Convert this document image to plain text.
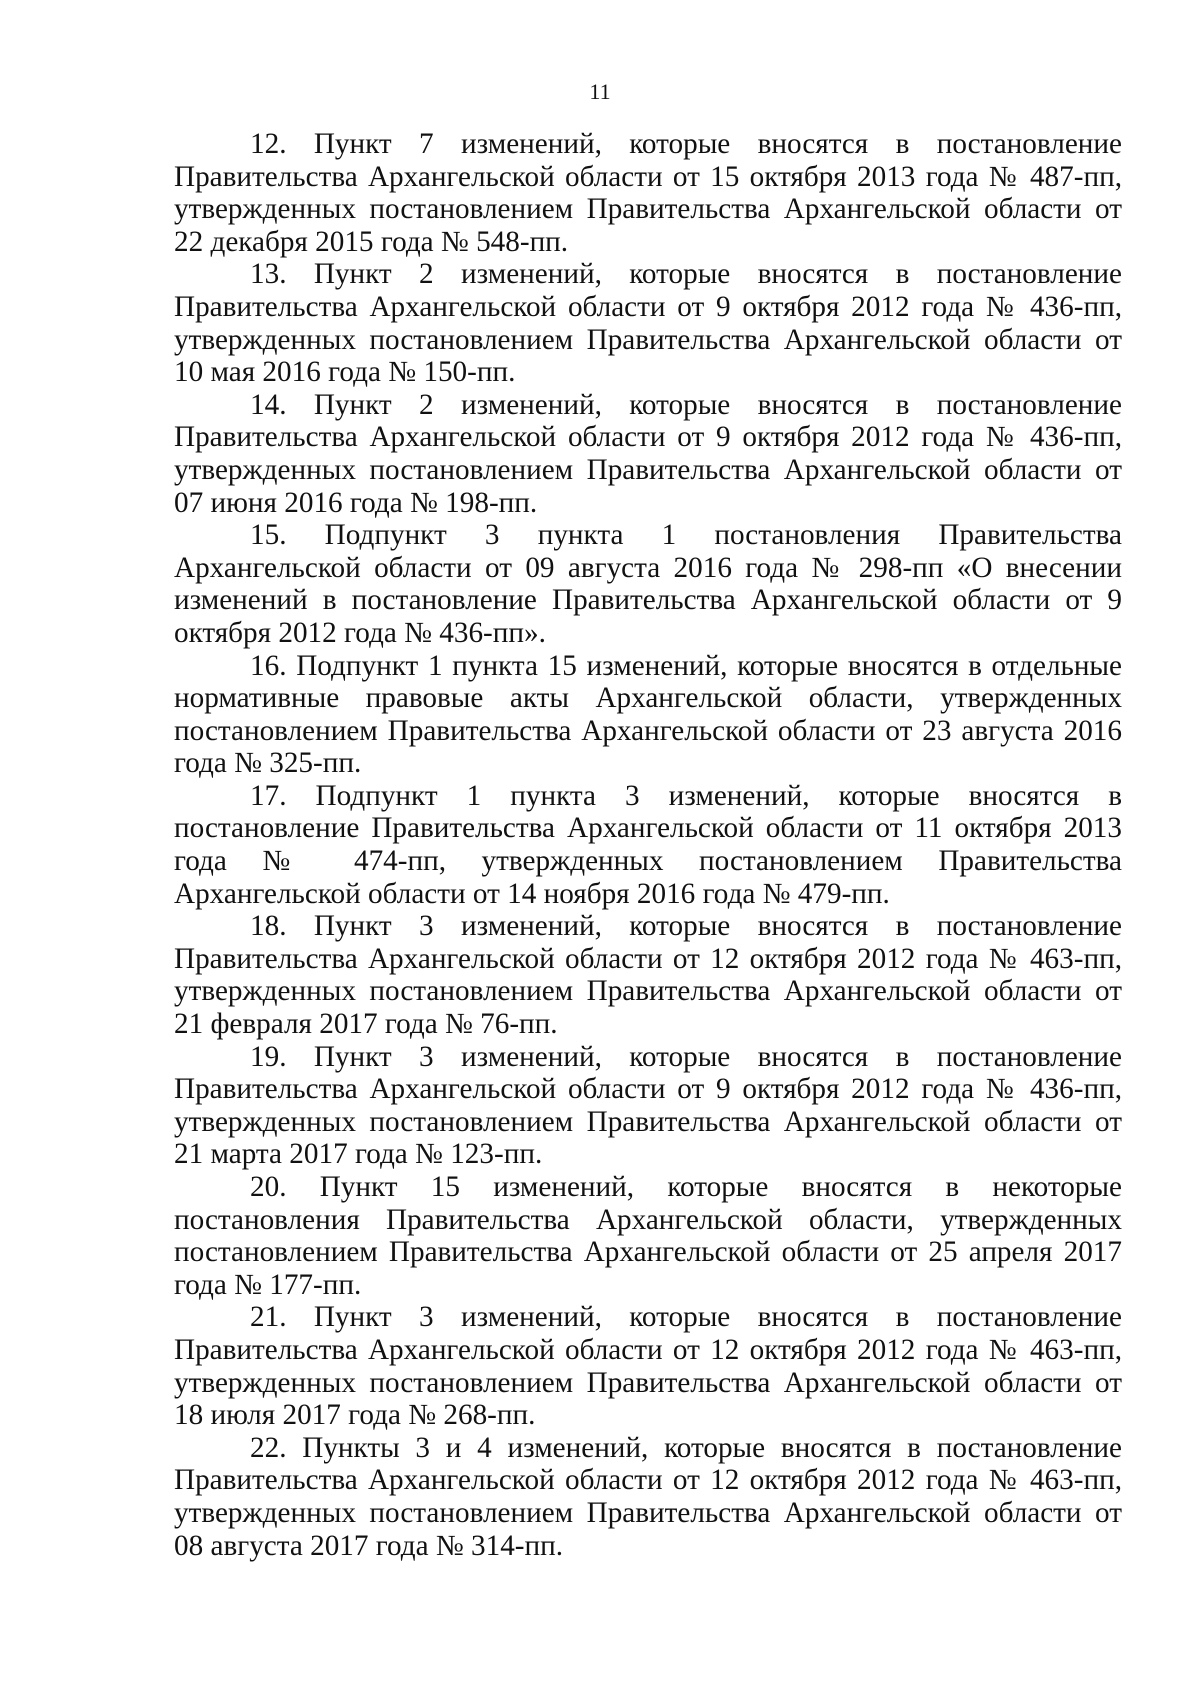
11

12. Пункт 7 изменений, которые вносятся в постановление Правительства Архангельской области от 15 октября 2013 года № 487-пп, утвержденных постановлением Правительства Архангельской области от 22 декабря 2015 года № 548-пп.

13. Пункт 2 изменений, которые вносятся в постановление Правительства Архангельской области от 9 октября 2012 года № 436-пп, утвержденных постановлением Правительства Архангельской области от 10 мая 2016 года № 150-пп.

14. Пункт 2 изменений, которые вносятся в постановление Правительства Архангельской области от 9 октября 2012 года № 436-пп, утвержденных постановлением Правительства Архангельской области от 07 июня 2016 года № 198-пп.

15. Подпункт 3 пункта 1 постановления Правительства Архангельской области от 09 августа 2016 года № 298-пп «О внесении изменений в постановление Правительства Архангельской области от 9 октября 2012 года № 436-пп».

16. Подпункт 1 пункта 15 изменений, которые вносятся в отдельные нормативные правовые акты Архангельской области, утвержденных постановлением Правительства Архангельской области от 23 августа 2016 года № 325-пп.

17. Подпункт 1 пункта 3 изменений, которые вносятся в постановление Правительства Архангельской области от 11 октября 2013 года № 474-пп, утвержденных постановлением Правительства Архангельской области от 14 ноября 2016 года № 479-пп.

18. Пункт 3 изменений, которые вносятся в постановление Правительства Архангельской области от 12 октября 2012 года № 463-пп, утвержденных постановлением Правительства Архангельской области от 21 февраля 2017 года № 76-пп.

19. Пункт 3 изменений, которые вносятся в постановление Правительства Архангельской области от 9 октября 2012 года № 436-пп, утвержденных постановлением Правительства Архангельской области от 21 марта 2017 года № 123-пп.

20. Пункт 15 изменений, которые вносятся в некоторые постановления Правительства Архангельской области, утвержденных постановлением Правительства Архангельской области от 25 апреля 2017 года № 177-пп.

21. Пункт 3 изменений, которые вносятся в постановление Правительства Архангельской области от 12 октября 2012 года № 463-пп, утвержденных постановлением Правительства Архангельской области от 18 июля 2017 года № 268-пп.

22. Пункты 3 и 4 изменений, которые вносятся в постановление Правительства Архангельской области от 12 октября 2012 года № 463-пп, утвержденных постановлением Правительства Архангельской области от 08 августа 2017 года № 314-пп.
